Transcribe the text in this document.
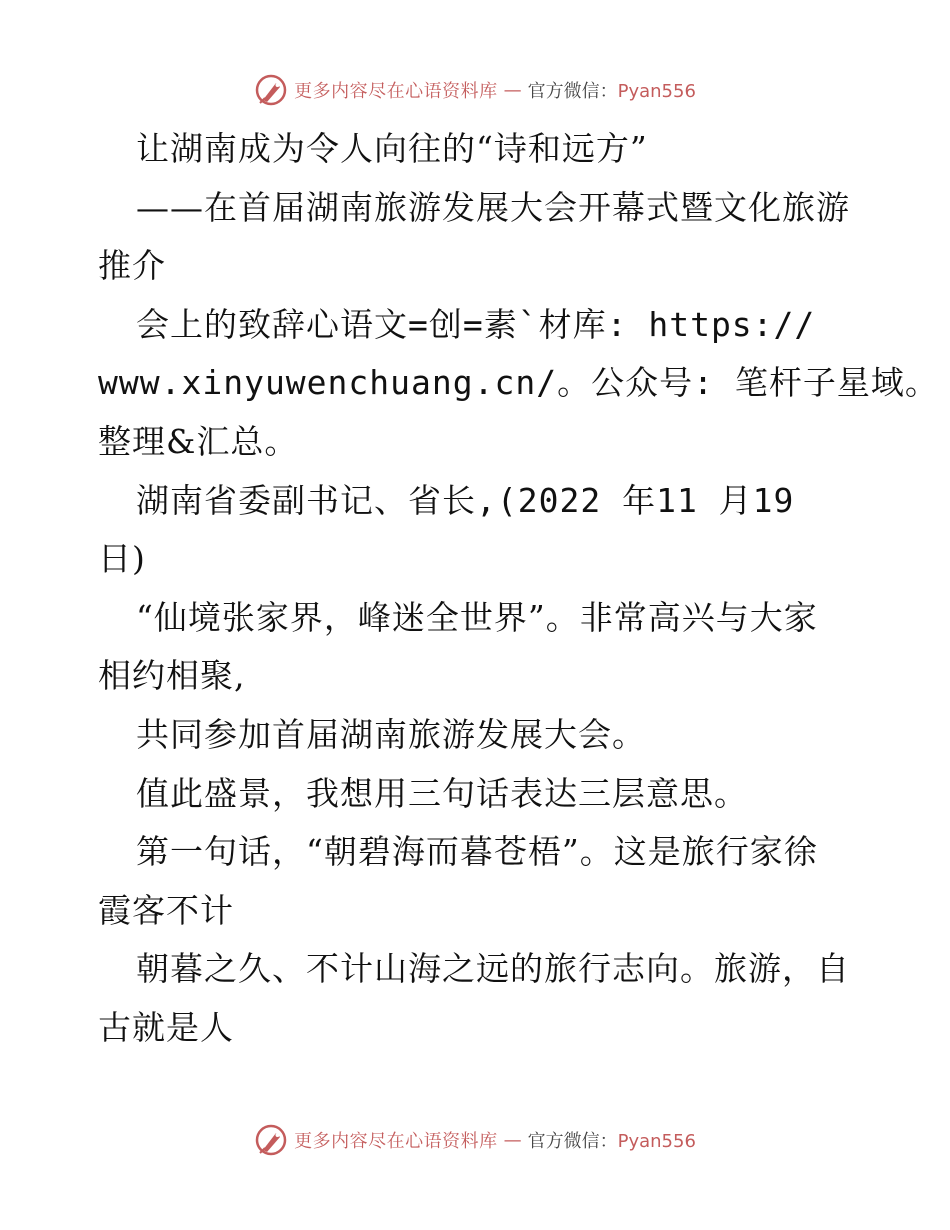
更多内容尽在心语资料库 — 官方微信：Pyan556
让湖南成为令人向往的“诗和远方”
——在首届湖南旅游发展大会开幕式暨文化旅游
推介
会上的致辞心语文=创=素`材库: https://
www.xinyuwenchuang.cn/。公众号: 笔杆子星域。
整理&汇总。
湖南省委副书记、省长,(2022 年11 月19
日)
“仙境张家界，峰迷全世界”。非常高兴与大家
相约相聚,
共同参加首届湖南旅游发展大会。
值此盛景，我想用三句话表达三层意思。
第一句话，“朝碧海而暮苍梧”。这是旅行家徐
霞客不计
朝暮之久、不计山海之远的旅行志向。旅游，自
古就是人
更多内容尽在心语资料库 — 官方微信：Pyan556
